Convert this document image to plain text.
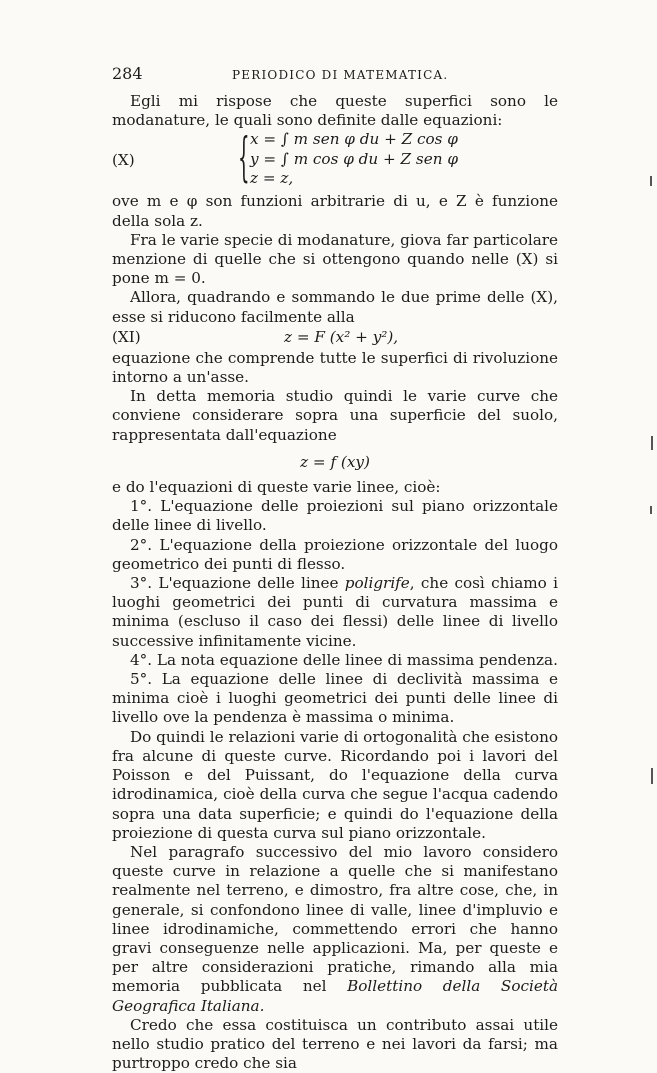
284	PERIODICO DI MATEMATICA.

Egli mi rispose che queste superfici sono le modanature, le quali sono definite dalle equazioni:

(X) { x = ∫ m sen φ du + Z cos φ
y = ∫ m cos φ du + Z sen φ
z = z,

ove m e φ son funzioni arbitrarie di u, e Z è funzione della sola z.

Fra le varie specie di modanature, giova far particolare menzione di quelle che si ottengono quando nelle (X) si pone m = 0.

Allora, quadrando e sommando le due prime delle (X), esse si riducono facilmente alla

(XI)	z = F (x² + y²),

equazione che comprende tutte le superfici di rivoluzione intorno a un'asse.

In detta memoria studio quindi le varie curve che conviene considerare sopra una superficie del suolo, rappresentata dall'equazione

z = f (xy)

e do l'equazioni di queste varie linee, cioè:

1°. L'equazione delle proiezioni sul piano orizzontale delle linee di livello.

2°. L'equazione della proiezione orizzontale del luogo geometrico dei punti di flesso.

3°. L'equazione delle linee poligrife, che così chiamo i luoghi geometrici dei punti di curvatura massima e minima (escluso il caso dei flessi) delle linee di livello successive infinitamente vicine.

4°. La nota equazione delle linee di massima pendenza.

5°. La equazione delle linee di declività massima e minima cioè i luoghi geometrici dei punti delle linee di livello ove la pendenza è massima o minima.

Do quindi le relazioni varie di ortogonalità che esistono fra alcune di queste curve. Ricordando poi i lavori del Poisson e del Puissant, do l'equazione della curva idrodinamica, cioè della curva che segue l'acqua cadendo sopra una data superficie; e quindi do l'equazione della proiezione di questa curva sul piano orizzontale.

Nel paragrafo successivo del mio lavoro considero queste curve in relazione a quelle che si manifestano realmente nel terreno, e dimostro, fra altre cose, che, in generale, si confondono linee di valle, linee d'impluvio e linee idrodinamiche, commettendo errori che hanno gravi conseguenze nelle applicazioni. Ma, per queste e per altre considerazioni pratiche, rimando alla mia memoria pubblicata nel Bollettino della Società Geografica Italiana.

Credo che essa costituisca un contributo assai utile nello studio pratico del terreno e nei lavori da farsi; ma purtroppo credo che sia
